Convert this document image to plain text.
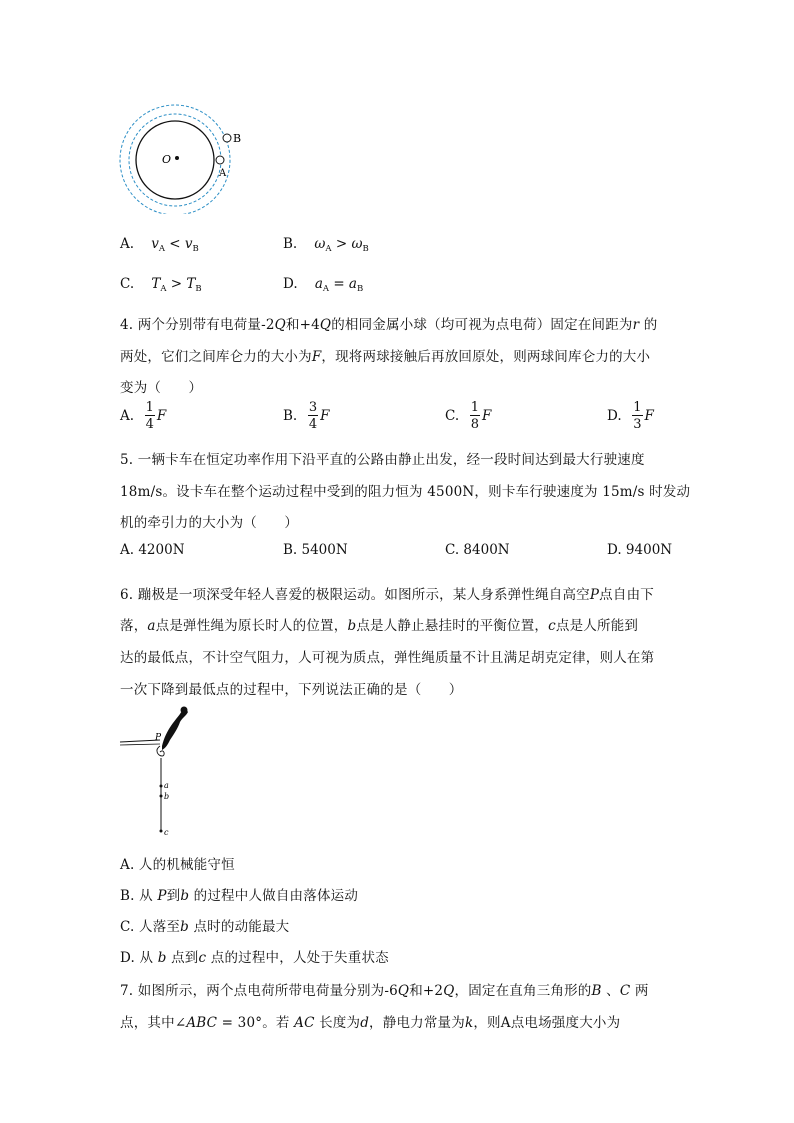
O
B
A
A. $v_A < v_B$	B. $\omega_A > \omega_B$
C. $T_A > T_B$	D. $a_A = a_B$
4. 两个分别带有电荷量-2Q和+4Q的相同金属小球（均可视为点电荷）固定在间距为r 的
两处，它们之间库仑力的大小为F，现将两球接触后再放回原处，则两球间库仑力的大小
变为（　　）
A. $\frac{1}{4}$ F	B. $\frac{3}{4}$ F	C. $\frac{1}{8}$ F	D. $\frac{1}{3}$ F
5. 一辆卡车在恒定功率作用下沿平直的公路由静止出发，经一段时间达到最大行驶速度
18m/s。设卡车在整个运动过程中受到的阻力恒为 4500N，则卡车行驶速度为 15m/s 时发动
机的牵引力的大小为（　　）
A. 4200N	B. 5400N	C. 8400N	D. 9400N
6. 蹦极是一项深受年轻人喜爱的极限运动。如图所示，某人身系弹性绳自高空P点自由下
落，a点是弹性绳为原长时人的位置，b点是人静止悬挂时的平衡位置，c点是人所能到
达的最低点，不计空气阻力，人可视为质点，弹性绳质量不计且满足胡克定律，则人在第
一次下降到最低点的过程中，下列说法正确的是（　　）
P
a
b
c
A. 人的机械能守恒
B. 从 P到b 的过程中人做自由落体运动
C. 人落至b 点时的动能最大
D. 从 b 点到c 点的过程中，人处于失重状态
7. 如图所示，两个点电荷所带电荷量分别为-6Q和+2Q，固定在直角三角形的B 、C 两
点，其中∠ABC = 30°。若 AC 长度为d，静电力常量为k，则A点电场强度大小为
